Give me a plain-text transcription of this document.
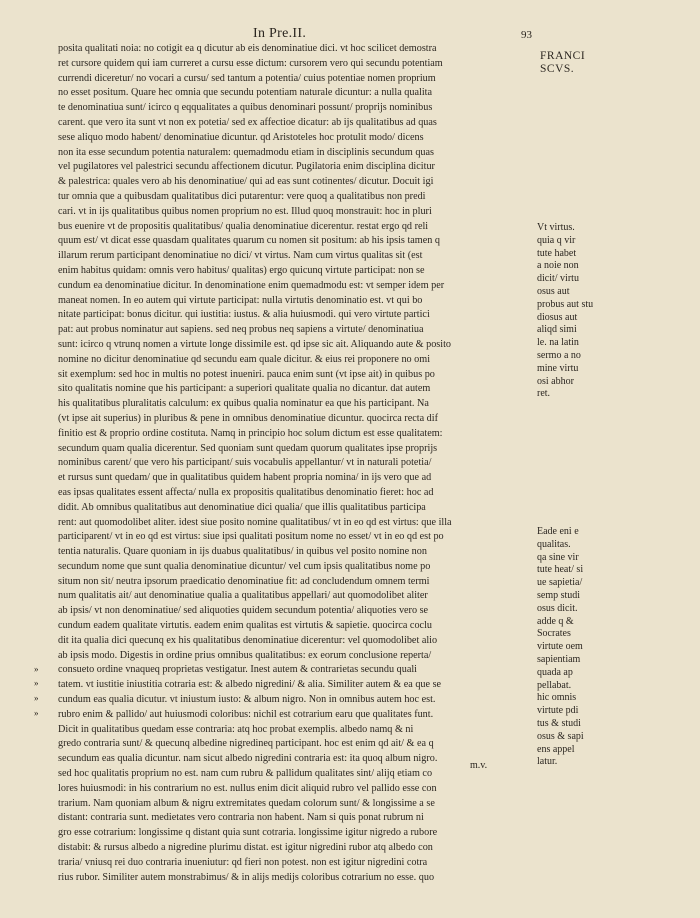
In Pre.II.	93
FRANCI
SCVS.
posita qualitati noia: no cotigit ea q dicutur ab eis denominatiue dici. vt hoc scilicet demostra
ret cursore quidem qui iam curreret a cursu esse dictum: cursorem vero qui secundu potentiam
currendi diceretur/ no vocari a cursu/ sed tantum a potentia/ cuius potentiae nomen proprium
no esset positum. Quare hec omnia que secundu potentiam naturale dicuntur: a nulla qualita
te denominatiua sunt/ icirco q eqqualitates a quibus denominari possunt/ proprijs nominibus
carent. que vero ita sunt vt non ex potetia/ sed ex affectioe dicatur: ab ijs qualitatibus ad quas
sese aliquo modo habent/ denominatiue dicuntur. qd Aristoteles hoc protulit modo/ dicens
non ita esse secundum potentia naturalem: quemadmodu etiam in disciplinis secundum quas
vel pugilatores vel palestrici secundu affectionem dicutur. Pugilatoria enim disciplina dicitur
& palestrica: quales vero ab his denominatiue/ qui ad eas sunt cotinentes/ dicutur. Docuit igi
tur omnia que a quibusdam qualitatibus dici putarentur: vere quoq a qualitatibus non predi
cari. vt in ijs qualitatibus quibus nomen proprium no est. Illud quoq monstrauit: hoc in pluri
bus euenire vt de propositis qualitatibus/ qualia denominatiue dicerentur. restat ergo qd reli
quum est/ vt dicat esse quasdam qualitates quarum cu nomen sit positum: ab his ipsis tamen q
illarum rerum participant denominatiue no dici/ vt virtus. Nam cum virtus qualitas sit (est
enim habitus quidam: omnis vero habitus/ qualitas) ergo quicunq virtute participat: non se
cundum ea denominatiue dicitur. In denominatione enim quemadmodu est: vt semper idem per
maneat nomen. In eo autem qui virtute participat: nulla virtutis denominatio est. vt qui bo
nitate participat: bonus dicitur. qui iustitia: iustus. & alia huiusmodi. qui vero virtute partici
pat: aut probus nominatur aut sapiens. sed neq probus neq sapiens a virtute/ denominatiua
sunt: icirco q vtrunq nomen a virtute longe dissimile est. qd ipse sic ait. Aliquando aute & posito
nomine no dicitur denominatiue qd secundu eam quale dicitur. & eius rei proponere no omi
sit exemplum: sed hoc in multis no potest inueniri. pauca enim sunt (vt ipse ait) in quibus po
sito qualitatis nomine que his participant: a superiori qualitate qualia no dicantur. dat autem
his qualitatibus pluralitatis calculum: ex quibus qualia nominatur ea que his participant. Na
(vt ipse ait superius) in pluribus & pene in omnibus denominatiue dicuntur. quocirca recta dif
finitio est & proprio ordine costituta. Namq in principio hoc solum dictum est esse qualitatem:
secundum quam qualia dicerentur. Sed quoniam sunt quedam quorum qualitates ipse proprijs
nominibus carent/ que vero his participant/ suis vocabulis appellantur/ vt in naturali potetia/
et rursus sunt quedam/ que in qualitatibus quidem habent propria nomina/ in ijs vero que ad
eas ipsas qualitates essent affecta/ nulla ex propositis qualitatibus denominatio fieret: hoc ad
didit. Ab omnibus qualitatibus aut denominatiue dici qualia/ que illis qualitatibus participa
rent: aut quomodolibet aliter. idest siue posito nomine qualitatibus/ vt in eo qd est virtus: que illa
participarent/ vt in eo qd est virtus: siue ipsi qualitati positum nome no esset/ vt in eo qd est po
tentia naturalis. Quare quoniam in ijs duabus qualitatibus/ in quibus vel posito nomine non
secundum nome que sunt qualia denominatiue dicuntur/ vel cum ipsis qualitatibus nome po
situm non sit/ neutra ipsorum praedicatio denominatiue fit: ad concludendum omnem termi
num qualitatis ait/ aut denominatiue qualia a qualitatibus appellari/ aut quomodolibet aliter
ab ipsis/ vt non denominatiue/ sed aliquoties quidem secundum potentia/ aliquoties vero se
cundum eadem qualitate virtutis. eadem enim qualitas est virtutis & sapietie. quocirca coclu
dit ita qualia dici quecunq ex his qualitatibus denominatiue dicerentur: vel quomodolibet alio
ab ipsis modo. Digestis in ordine prius omnibus qualitatibus: ex eorum conclusione reperta/
consueto ordine vnaqueq proprietas vestigatur. Inest autem & contrarietas secundu quali
tatem. vt iustitie iniustitia cotraria est: & albedo nigredini/ & alia. Similiter autem & ea que se
cundum eas qualia dicutur. vt iniustum iusto: & album nigro. Non in omnibus autem hoc est.
rubro enim & pallido/ aut huiusmodi coloribus: nichil est cotrarium earu que qualitates funt.
Dicit in qualitatibus quedam esse contraria: atq hoc probat exemplis. albedo namq & ni
gredo contraria sunt/ & quecunq albedine nigredineq participant. hoc est enim qd ait/ & ea q
secundum eas qualia dicuntur. nam sicut albedo nigredini contraria est: ita quoq album nigro.
sed hoc qualitatis proprium no est. nam cum rubru & pallidum qualitates sint/ alijq etiam co
lores huiusmodi: in his contrarium no est. nullus enim dicit aliquid rubro vel pallido esse con
trarium. Nam quoniam album & nigru extremitates quedam colorum sunt/ & longissime a se
distant: contraria sunt. medietates vero contraria non habent. Nam si quis ponat rubrum ni
gro esse cotrarium: longissime q distant quia sunt cotraria. longissime igitur nigredo a rubore
distabit: & rursus albedo a nigredine plurimu distat. est igitur nigredini rubor atq albedo con
traria/ vniusq rei duo contraria inueniutur: qd fieri non potest. non est igitur nigredini cotra
rius rubor. Similiter autem monstrabimus/ & in alijs medijs coloribus cotrarium no esse. quo
»
»
»
»
Vt virtus.
quia q vir
tute habet
a noie non
dicit/ virtu
osus aut
probus aut stu
diosus aut
aliqd simi
le. na latin
sermo a no
mine virtu
osi abhor
ret.
Eade eni e
qualitas.
qa sine vir
tute heat/ si
ue sapietia/
semp studi
osus dicit.
adde q &
Socrates
virtute oem
sapientiam
quada ap
pellabat.
hic omnis
virtute pdi
tus & studi
osus & sapi
ens appel
latur.
m.v.
